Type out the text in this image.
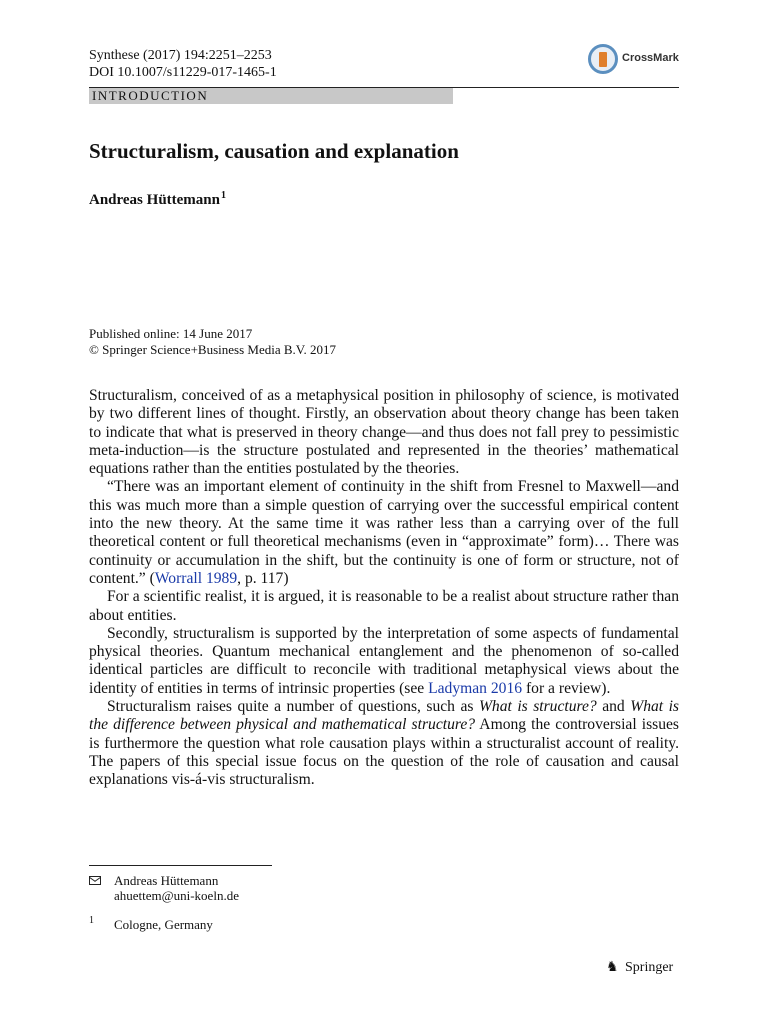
Synthese (2017) 194:2251–2253
DOI 10.1007/s11229-017-1465-1
CrossMark
INTRODUCTION
Structuralism, causation and explanation
Andreas Hüttemann$^1$
Published online: 14 June 2017
© Springer Science+Business Media B.V. 2017

Structuralism, conceived of as a metaphysical position in philosophy of science, is motivated by two different lines of thought. Firstly, an observation about theory change has been taken to indicate that what is preserved in theory change—and thus does not fall prey to pessimistic meta-induction—is the structure postulated and represented in the theories’ mathematical equations rather than the entities postulated by the theories.

“There was an important element of continuity in the shift from Fresnel to Maxwell—and this was much more than a simple question of carrying over the successful empirical content into the new theory. At the same time it was rather less than a carrying over of the full theoretical content or full theoretical mechanisms (even in “approximate” form)… There was continuity or accumulation in the shift, but the continuity is one of form or structure, not of content.” (Worrall 1989, p. 117)

For a scientific realist, it is argued, it is reasonable to be a realist about structure rather than about entities.

Secondly, structuralism is supported by the interpretation of some aspects of fundamental physical theories. Quantum mechanical entanglement and the phenomenon of so-called identical particles are difficult to reconcile with traditional metaphysical views about the identity of entities in terms of intrinsic properties (see Ladyman 2016 for a review).

Structuralism raises quite a number of questions, such as What is structure? and What is the difference between physical and mathematical structure? Among the controversial issues is furthermore the question what role causation plays within a structuralist account of reality. The papers of this special issue focus on the question of the role of causation and causal explanations vis-á-vis structuralism.

Andreas Hüttemann
ahuettem@uni-koeln.de
1 Cologne, Germany
♞ Springer
